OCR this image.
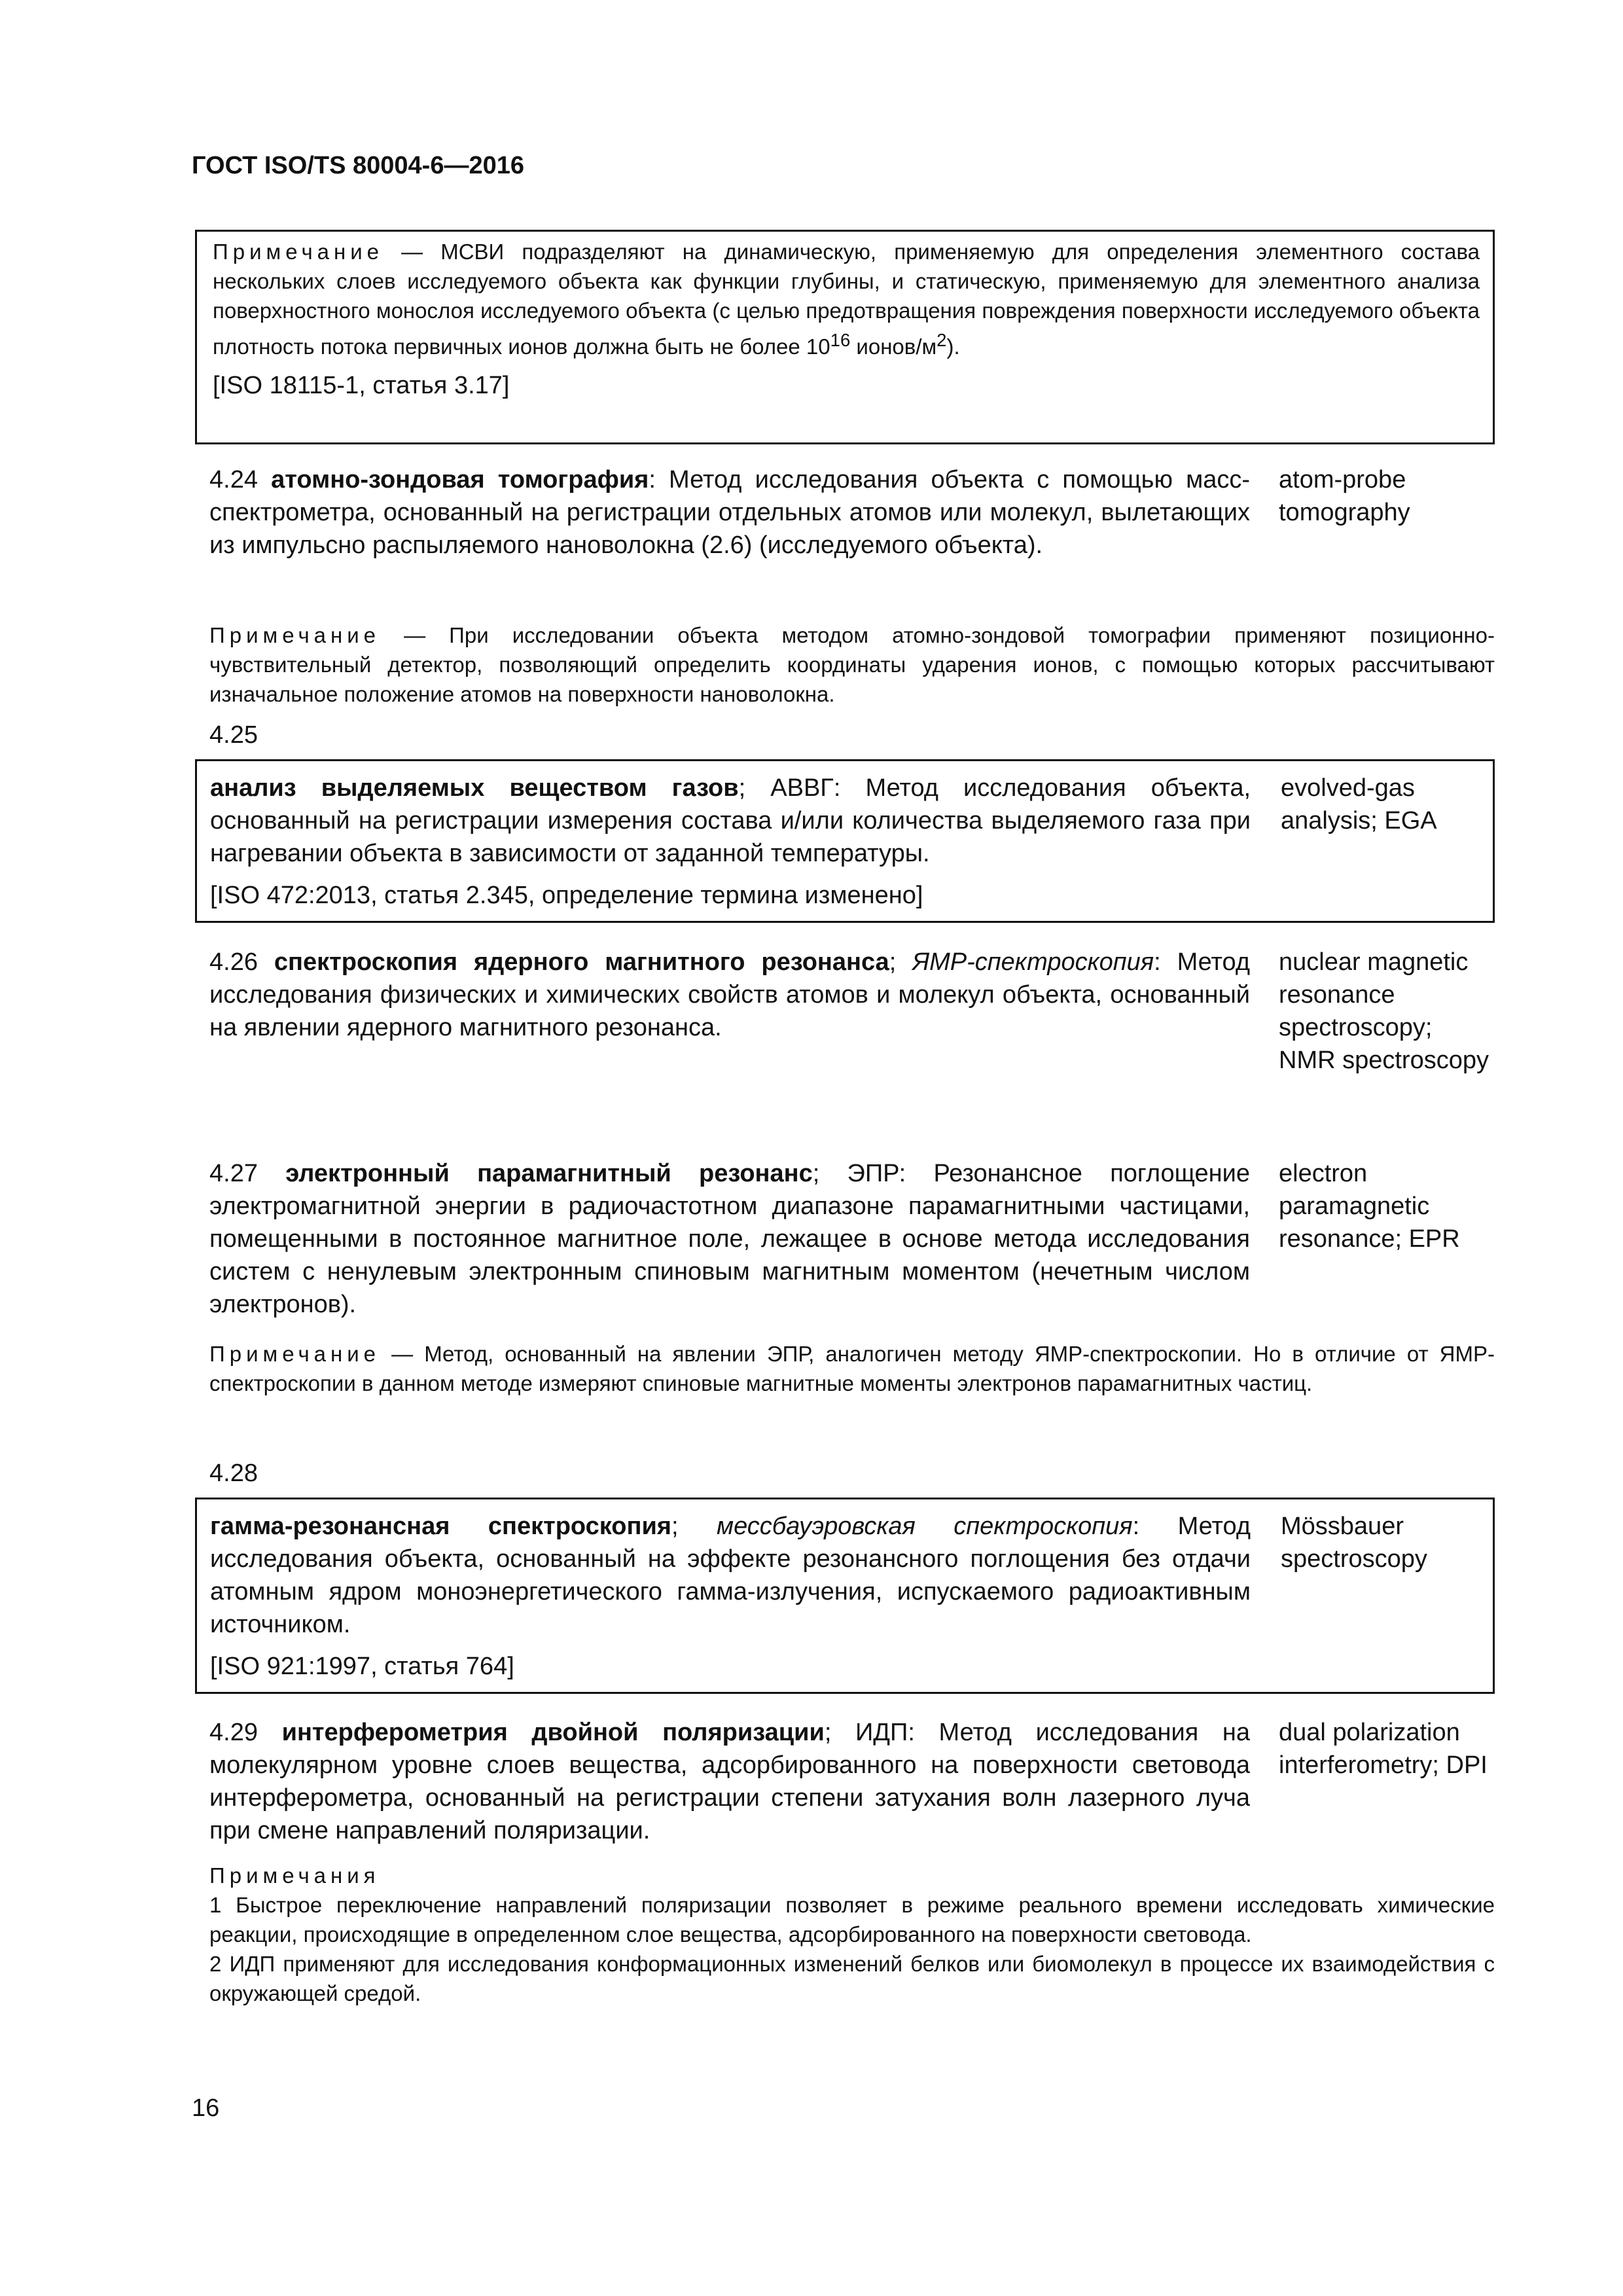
ГОСТ ISO/TS 80004-6—2016

Примечание — МСВИ подразделяют на динамическую, применяемую для определения элементного состава нескольких слоев исследуемого объекта как функции глубины, и статическую, применяемую для элементного анализа поверхностного монослоя исследуемого объекта (с целью предотвращения повреждения поверхности исследуемого объекта плотность потока первичных ионов должна быть не более $10^{16}$ ионов/$м^2$).

[ISO 18115-1, статья 3.17]

4.24 атомно-зондовая томография: Метод исследования объекта с помощью масс-спектрометра, основанный на регистрации отдельных атомов или молекул, вылетающих из импульсно распыляемого нановолокна (2.6) (исследуемого объекта).

atom-probe tomography

Примечание — При исследовании объекта методом атомно-зондовой томографии применяют позиционно-чувствительный детектор, позволяющий определить координаты ударения ионов, с помощью которых рассчитывают изначальное положение атомов на поверхности нановолокна.

4.25

анализ выделяемых веществом газов; АВВГ: Метод исследования объекта, основанный на регистрации измерения состава и/или количества выделяемого газа при нагревании объекта в зависимости от заданной температуры.

evolved-gas analysis; EGA

[ISO 472:2013, статья 2.345, определение термина изменено]

4.26 спектроскопия ядерного магнитного резонанса; ЯМР-спектроскопия: Метод исследования физических и химических свойств атомов и молекул объекта, основанный на явлении ядерного магнитного резонанса.

nuclear magnetic resonance spectroscopy; NMR spectroscopy

4.27 электронный парамагнитный резонанс; ЭПР: Резонансное поглощение электромагнитной энергии в радиочастотном диапазоне парамагнитными частицами, помещенными в постоянное магнитное поле, лежащее в основе метода исследования систем с ненулевым электронным спиновым магнитным моментом (нечетным числом электронов).

electron paramagnetic resonance; EPR

Примечание — Метод, основанный на явлении ЭПР, аналогичен методу ЯМР-спектроскопии. Но в отличие от ЯМР-спектроскопии в данном методе измеряют спиновые магнитные моменты электронов парамагнитных частиц.

4.28

гамма-резонансная спектроскопия; мессбауэровская спектроскопия: Метод исследования объекта, основанный на эффекте резонансного поглощения без отдачи атомным ядром моноэнергетического гамма-излучения, испускаемого радиоактивным источником.

Mössbauer spectroscopy

[ISO 921:1997, статья 764]

4.29 интерферометрия двойной поляризации; ИДП: Метод исследования на молекулярном уровне слоев вещества, адсорбированного на поверхности световода интерферометра, основанный на регистрации степени затухания волн лазерного луча при смене направлений поляризации.

dual polarization interferometry; DPI

Примечания

1 Быстрое переключение направлений поляризации позволяет в режиме реального времени исследовать химические реакции, происходящие в определенном слое вещества, адсорбированного на поверхности световода.

2 ИДП применяют для исследования конформационных изменений белков или биомолекул в процессе их взаимодействия с окружающей средой.

16
